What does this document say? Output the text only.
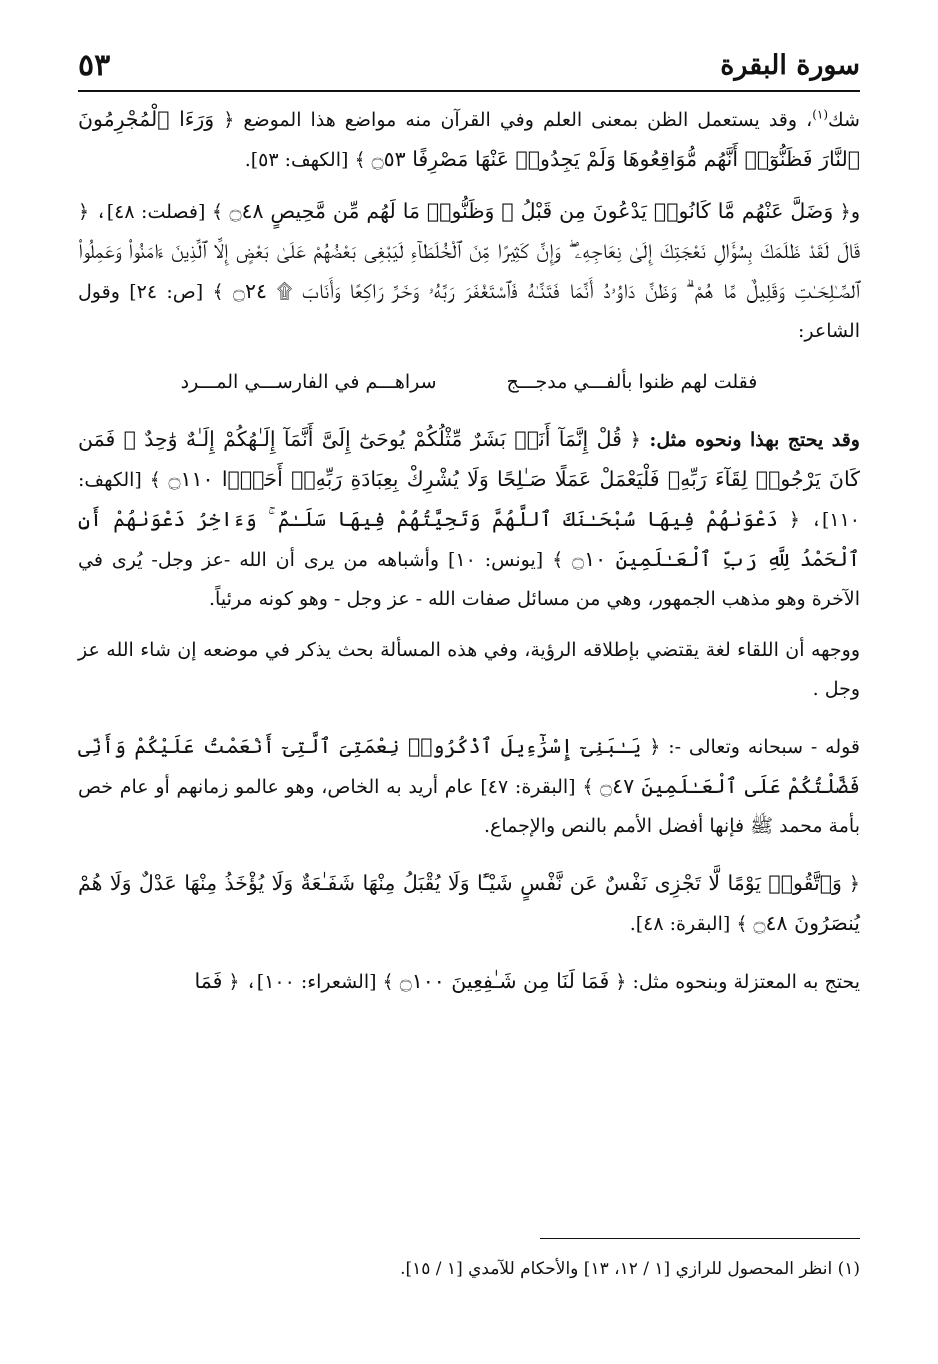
سورة البقرة
٥٣

شك$^{(١)}$، وقد يستعمل الظن بمعنى العلم وفي القرآن منه مواضع هذا الموضع ﴿ وَرَءَا ٱلْمُجْرِمُونَ ٱلنَّارَ فَظَنُّوٓا۟ أَنَّهُم مُّوَاقِعُوهَا وَلَمْ يَجِدُوا۟ عَنْهَا مَصْرِفًا ۝٥٣ ﴾ [الكهف: ٥٣].

و﴿ وَضَلَّ عَنْهُم مَّا كَانُوا۟ يَدْعُونَ مِن قَبْلُ ۖ وَظَنُّوا۟ مَا لَهُم مِّن مَّحِيصٍ ۝٤٨ ﴾ [فصلت: ٤٨]، ﴿ قَالَ لَقَدْ ظَلَمَكَ بِسُؤَالِ نَعْجَتِكَ إِلَىٰ نِعَاجِهِۦ ۖ وَإِنَّ كَثِيرًا مِّنَ ٱلْخُلَطَآءِ لَيَبْغِى بَعْضُهُمْ عَلَىٰ بَعْضٍ إِلَّا ٱلَّذِينَ ءَامَنُوا۟ وَعَمِلُوا۟ ٱلصَّـٰلِحَـٰتِ وَقَلِيلٌ مَّا هُمْ ۗ وَظَنَّ دَاوُۥدُ أَنَّمَا فَتَنَّـٰهُ فَٱسْتَغْفَرَ رَبَّهُۥ وَخَرَّ رَاكِعًا وَأَنَابَ ۩ ۝٢٤ ﴾ [ص: ٢٤] وقول الشاعر:

فقلت لهم ظنوا بألفـــي مدجـــج
سراهـــم في الفارســـي المـــرد

وقد يحتج بهذا ونحوه مثل: ﴿ قُلْ إِنَّمَآ أَنَا۠ بَشَرٌ مِّثْلُكُمْ يُوحَىٰٓ إِلَىَّ أَنَّمَآ إِلَـٰهُكُمْ إِلَـٰهٌ وَٰحِدٌ ۖ فَمَن كَانَ يَرْجُوا۟ لِقَآءَ رَبِّهِۦ فَلْيَعْمَلْ عَمَلًا صَـٰلِحًا وَلَا يُشْرِكْ بِعِبَادَةِ رَبِّهِۦٓ أَحَدًۢا ۝١١٠ ﴾ [الكهف: ١١٠]، ﴿ دَعْوَىٰهُمْ فِيهَا سُبْحَـٰنَكَ ٱللَّهُمَّ وَتَحِيَّتُهُمْ فِيهَا سَلَـٰمٌ ۚ وَءَاخِرُ دَعْوَىٰهُمْ أَنِ ٱلْحَمْدُ لِلَّهِ رَبِّ ٱلْعَـٰلَمِينَ ۝١٠ ﴾ [يونس: ١٠] وأشباهه من يرى أن الله -عز وجل- يُرى في الآخرة وهو مذهب الجمهور، وهي من مسائل صفات الله - عز وجل - وهو كونه مرئياً.

ووجهه أن اللقاء لغة يقتضي بإطلاقه الرؤية، وفي هذه المسألة بحث يذكر في موضعه إن شاء الله عز وجل .

قوله - سبحانه وتعالى -: ﴿ يَـٰبَنِىٓ إِسْرَٰٓءِيلَ ٱذْكُرُوا۟ نِعْمَتِىَ ٱلَّتِىٓ أَنْعَمْتُ عَلَيْكُمْ وَأَنِّى فَضَّلْتُكُمْ عَلَى ٱلْعَـٰلَمِينَ ۝٤٧ ﴾ [البقرة: ٤٧] عام أريد به الخاص، وهو عالمو زمانهم أو عام خص بأمة محمد ﷺ فإنها أفضل الأمم بالنص والإجماع.

﴿ وَٱتَّقُوا۟ يَوْمًا لَّا تَجْزِى نَفْسٌ عَن نَّفْسٍ شَيْـًٔا وَلَا يُقْبَلُ مِنْهَا شَفَـٰعَةٌ وَلَا يُؤْخَذُ مِنْهَا عَدْلٌ وَلَا هُمْ يُنصَرُونَ ۝٤٨ ﴾ [البقرة: ٤٨].

يحتج به المعتزلة وبنحوه مثل: ﴿ فَمَا لَنَا مِن شَـٰفِعِينَ ۝١٠٠ ﴾ [الشعراء: ١٠٠]، ﴿ فَمَا

(١) انظر المحصول للرازي [١ / ١٢، ١٣] والأحكام للآمدي [١ / ١٥].
